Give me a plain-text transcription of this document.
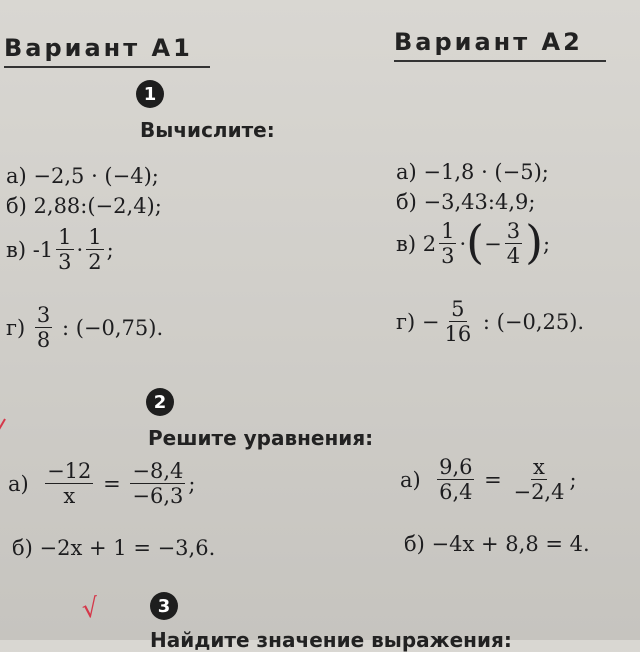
Вариант А1	Вариант А2
1
Вычислите:
а)
−2,5 · (−4);
б)
2,88:(−2,4);
в)
$-1 \frac{1}{3} \cdot \frac{1}{2}$ ;
г)
$\frac{3}{8}$
: (−0,75).
а)
−1,8 · (−5);
б)
−3,43:4,9;
в)
$2 \frac{1}{3}$ · ( − $\frac{3}{4}$ ) ;
г)
− $\frac{5}{16}$
: (−0,25).
2
Решите уравнения:
а)
$\frac{-12}{x}$
=
$\frac{-8,4}{-6,3}$ ;
б)
−2x + 1 = −3,6.
а)
$\frac{9,6}{6,4}$
=
$\frac{x}{-2,4}$ ;
б)
−4x + 8,8 = 4.
3
Найдите значение выражения:
√
